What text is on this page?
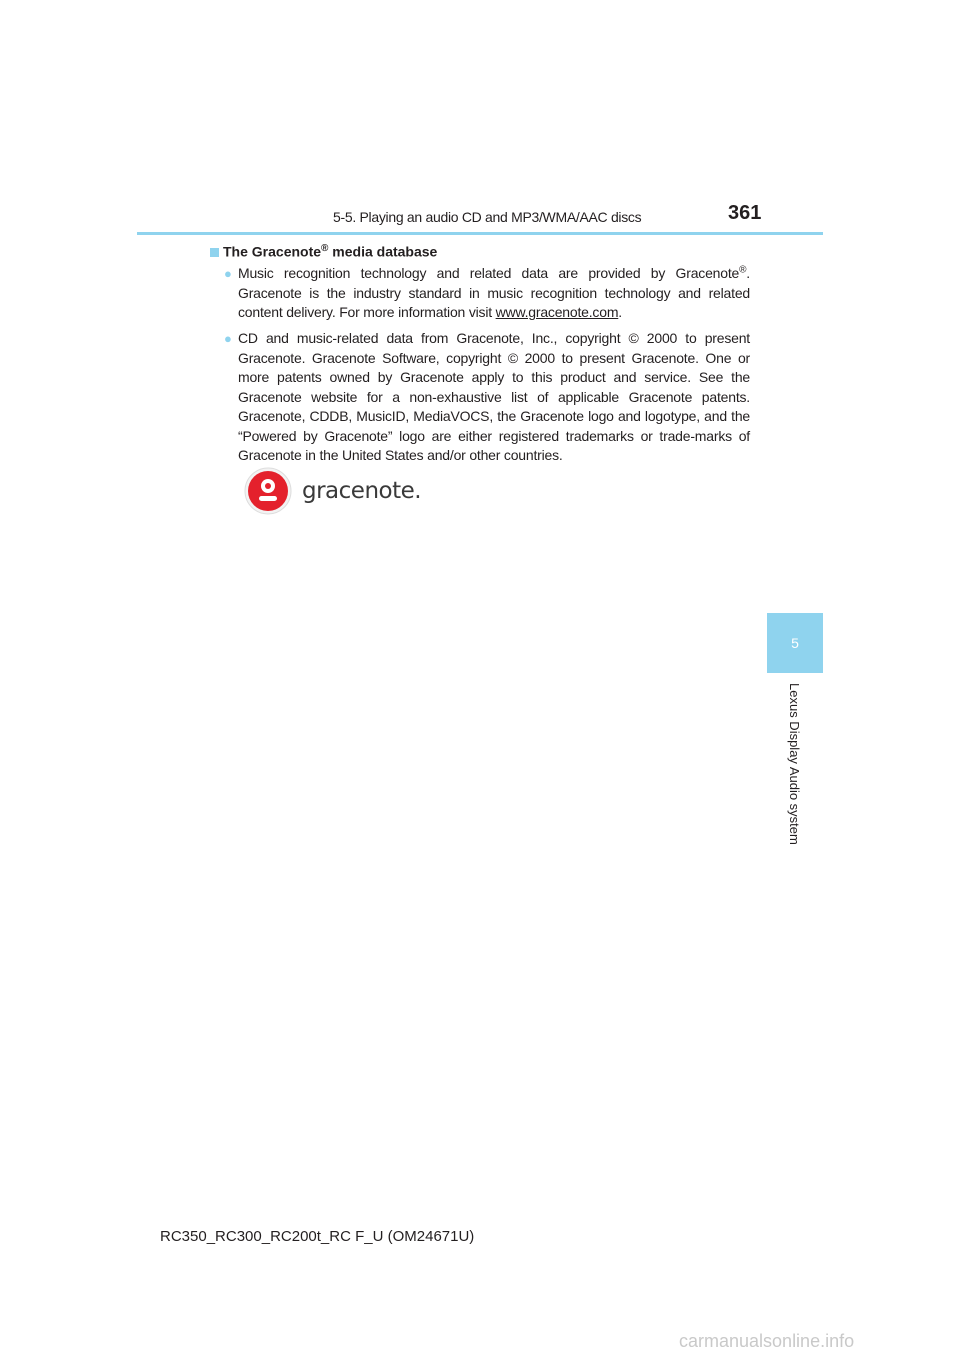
5-5. Playing an audio CD and MP3/WMA/AAC discs	361
5
Lexus Display Audio system
The Gracenote® media database
● Music recognition technology and related data are provided by Gracenote®. Gracenote is the industry standard in music recognition technology and related content delivery. For more information visit www.gracenote.com.
● CD and music-related data from Gracenote, Inc., copyright © 2000 to present Gracenote. Gracenote Software, copyright © 2000 to present Gracenote. One or more patents owned by Gracenote apply to this product and service. See the Gracenote website for a non-exhaustive list of applicable Gracenote patents. Gracenote, CDDB, MusicID, MediaVOCS, the Gracenote logo and logotype, and the “Powered by Gracenote” logo are either registered trademarks or trade-marks of Gracenote in the United States and/or other countries.
gracenote.
RC350_RC300_RC200t_RC F_U (OM24671U)
carmanualsonline.info
